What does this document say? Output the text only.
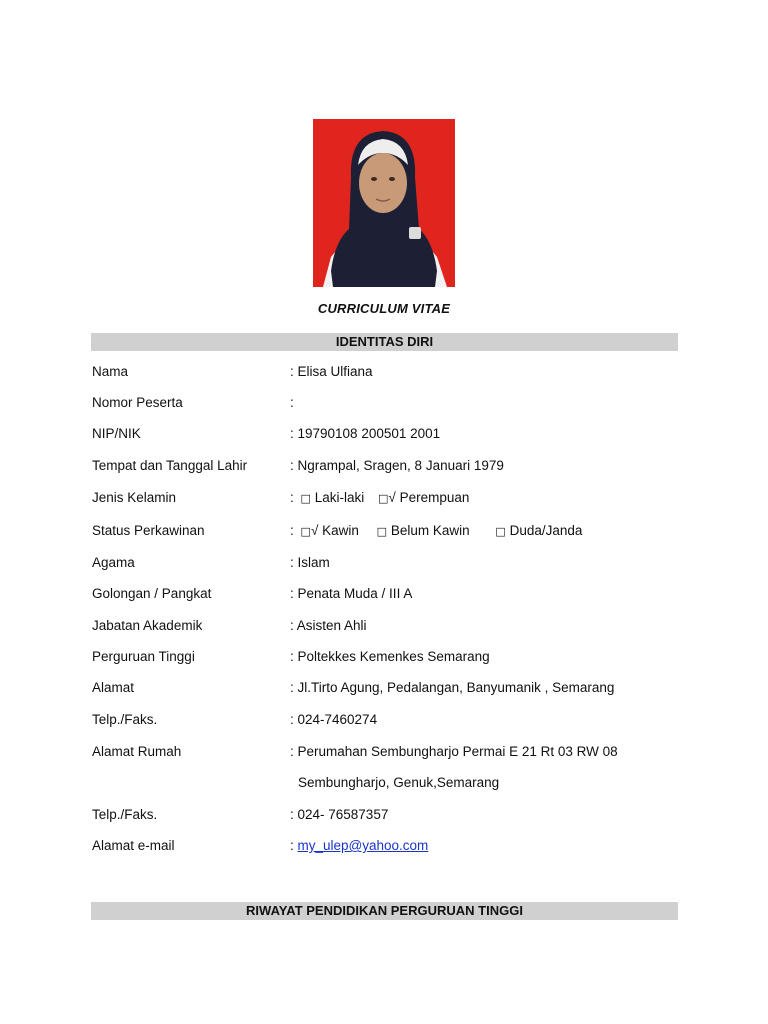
CURRICULUM VITAE
IDENTITAS DIRI
Nama	: Elisa Ulfiana
Nomor Peserta	:
NIP/NIK	: 19790108 200501 2001
Tempat dan Tanggal Lahir	: Ngrampal, Sragen, 8 Januari 1979
Jenis Kelamin	: □ Laki-laki □√ Perempuan
Status Perkawinan	: □√ Kawin □ Belum Kawin □ Duda/Janda
Agama	: Islam
Golongan / Pangkat	: Penata Muda / III A
Jabatan Akademik	: Asisten Ahli
Perguruan Tinggi	: Poltekkes Kemenkes Semarang
Alamat	: Jl.Tirto Agung, Pedalangan, Banyumanik , Semarang
Telp./Faks.	: 024-7460274
Alamat Rumah	: Perumahan Sembungharjo Permai E 21 Rt 03 RW 08
Sembungharjo, Genuk,Semarang
Telp./Faks.	: 024- 76587357
Alamat e-mail	: my_ulep@yahoo.com
RIWAYAT PENDIDIKAN PERGURUAN TINGGI
